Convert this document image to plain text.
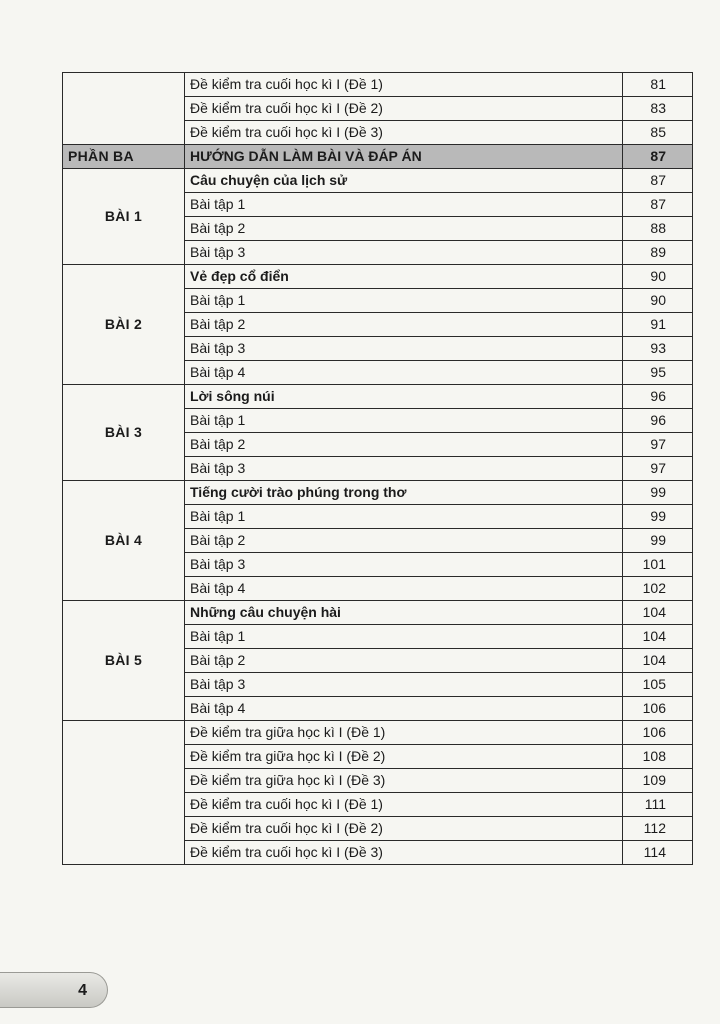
	Đề kiểm tra cuối học kì I (Đề 1)	81
	Đề kiểm tra cuối học kì I (Đề 2)	83
	Đề kiểm tra cuối học kì I (Đề 3)	85
PHẦN BA	HƯỚNG DẪN LÀM BÀI VÀ ĐÁP ÁN	87
BÀI 1	Câu chuyện của lịch sử	87
	Bài tập 1	87
	Bài tập 2	88
	Bài tập 3	89
BÀI 2	Vẻ đẹp cổ điển	90
	Bài tập 1	90
	Bài tập 2	91
	Bài tập 3	93
	Bài tập 4	95
BÀI 3	Lời sông núi	96
	Bài tập 1	96
	Bài tập 2	97
	Bài tập 3	97
BÀI 4	Tiếng cười trào phúng trong thơ	99
	Bài tập 1	99
	Bài tập 2	99
	Bài tập 3	101
	Bài tập 4	102
BÀI 5	Những câu chuyện hài	104
	Bài tập 1	104
	Bài tập 2	104
	Bài tập 3	105
	Bài tập 4	106
	Đề kiểm tra giữa học kì I (Đề 1)	106
	Đề kiểm tra giữa học kì I (Đề 2)	108
	Đề kiểm tra giữa học kì I (Đề 3)	109
	Đề kiểm tra cuối học kì I (Đề 1)	111
	Đề kiểm tra cuối học kì I (Đề 2)	112
	Đề kiểm tra cuối học kì I (Đề 3)	114
4
